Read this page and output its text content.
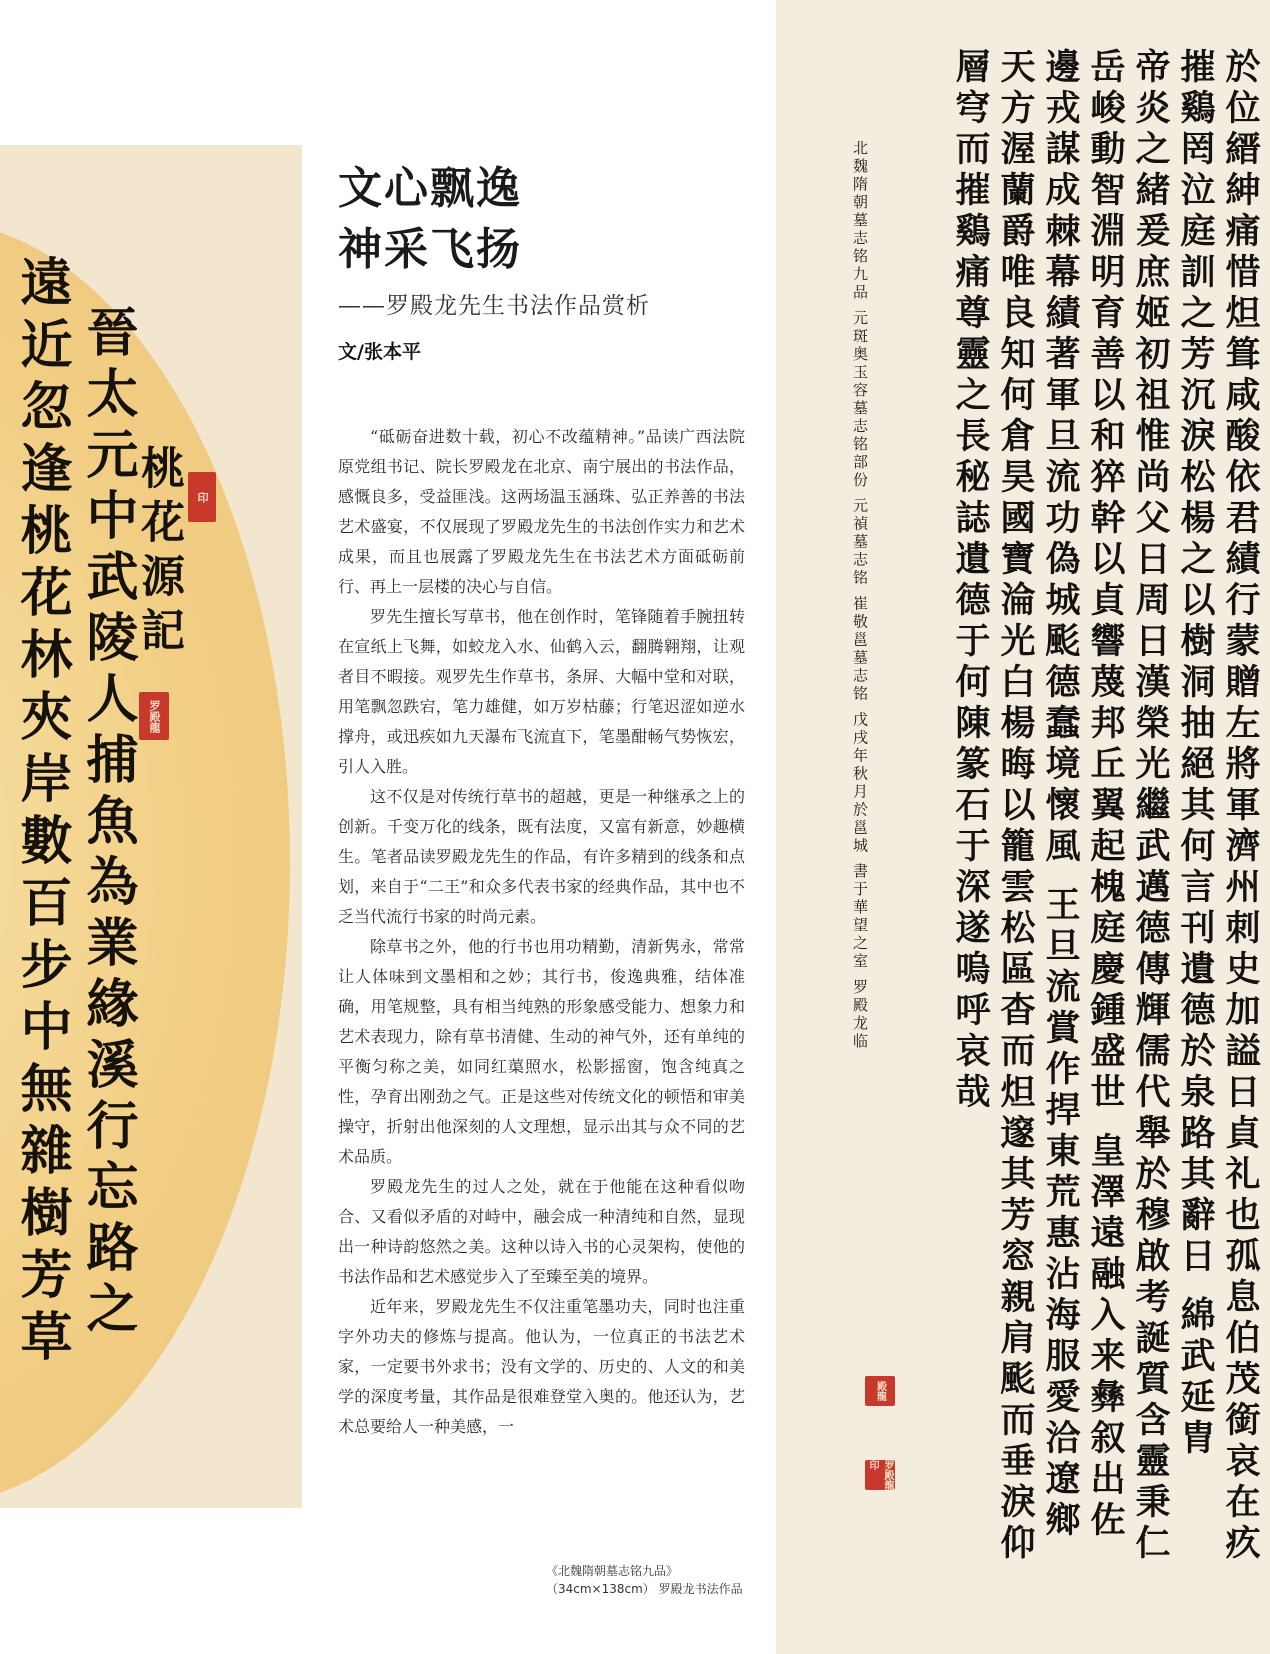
遠近忽逢桃花林夾岸數百步中無雜樹芳草 晉太元中武陵人捕魚為業緣溪行忘路之
桃花源記	印
罗殿龍
文心飘逸
神采飞扬
——罗殿龙先生书法作品赏析
文/张本平

“砥砺奋进数十载，初心不改蕴精神。”品读广西法院原党组书记、院长罗殿龙在北京、南宁展出的书法作品，感慨良多，受益匪浅。这两场温玉涵珠、弘正养善的书法艺术盛宴，不仅展现了罗殿龙先生的书法创作实力和艺术成果，而且也展露了罗殿龙先生在书法艺术方面砥砺前行、再上一层楼的决心与自信。

罗先生擅长写草书，他在创作时，笔锋随着手腕扭转在宣纸上飞舞，如蛟龙入水、仙鹤入云，翻腾翱翔，让观者目不暇接。观罗先生作草书，条屏、大幅中堂和对联，用笔飘忽跌宕，笔力雄健，如万岁枯藤；行笔迟涩如逆水撑舟，或迅疾如九天瀑布飞流直下，笔墨酣畅气势恢宏，引人入胜。

这不仅是对传统行草书的超越，更是一种继承之上的创新。千变万化的线条，既有法度，又富有新意，妙趣横生。笔者品读罗殿龙先生的作品，有许多精到的线条和点划，来自于“二王”和众多代表书家的经典作品，其中也不乏当代流行书家的时尚元素。

除草书之外，他的行书也用功精勤，清新隽永，常常让人体味到文墨相和之妙；其行书，俊逸典雅，结体准确，用笔规整，具有相当纯熟的形象感受能力、想象力和艺术表现力，除有草书清健、生动的神气外，还有单纯的平衡匀称之美，如同红蕖照水，松影摇窗，饱含纯真之性，孕育出刚劲之气。正是这些对传统文化的顿悟和审美操守，折射出他深刻的人文理想，显示出其与众不同的艺术品质。

罗殿龙先生的过人之处，就在于他能在这种看似吻合、又看似矛盾的对峙中，融会成一种清纯和自然，显现出一种诗韵悠然之美。这种以诗入书的心灵架构，使他的书法作品和艺术感觉步入了至臻至美的境界。

近年来，罗殿龙先生不仅注重笔墨功夫，同时也注重字外功夫的修炼与提高。他认为，一位真正的书法艺术家，一定要书外求书；没有文学的、历史的、人文的和美学的深度考量，其作品是很难登堂入奥的。他还认为，艺术总要给人一种美感，一

《北魏隋朝墓志铭九品》
（34cm×138cm） 罗殿龙书法作品
於位縉紳痛惜炟箿咸酸依君績行蒙贈左將軍濟州刺史加謚日貞礼也孤息伯茂銜哀在疚
摧鷄罔泣庭訓之芳沉淚松楊之以樹洞抽絕其何言刊遺德於泉路其辭日 綿武延胄
帝炎之緒爰庶姬初祖惟尚父日周日漢榮光繼武邁德傳輝儒代舉於穆啟考誕質含靈秉仁
岳峻動智淵明育善以和猝幹以貞響蔑邦丘翼起槐庭慶鍾盛世 皇澤遠融入来彝叙出佐
邊戎謀成棘幕績著軍旦流功偽城颩德蠢境懷風 王旦流賞作捍東荒惠沾海服愛洽遼鄉
天方渥蘭爵唯良知何倉昊國寶淪光白楊晦以籠雲松區杳而炟邃其芳窓親肩颩而垂淚仰
層穹而摧鷄痛尊靈之長秘誌遺德于何陳篆石于深遂嗚呼哀哉
北魏隋朝墓志铭九品 元斑奥玉容墓志铭部份 元禎墓志铭 崔敬邕墓志铭 戊戌年秋月於邕城 書于華望之室 罗殿龙临
殿龍
罗殿龍印
